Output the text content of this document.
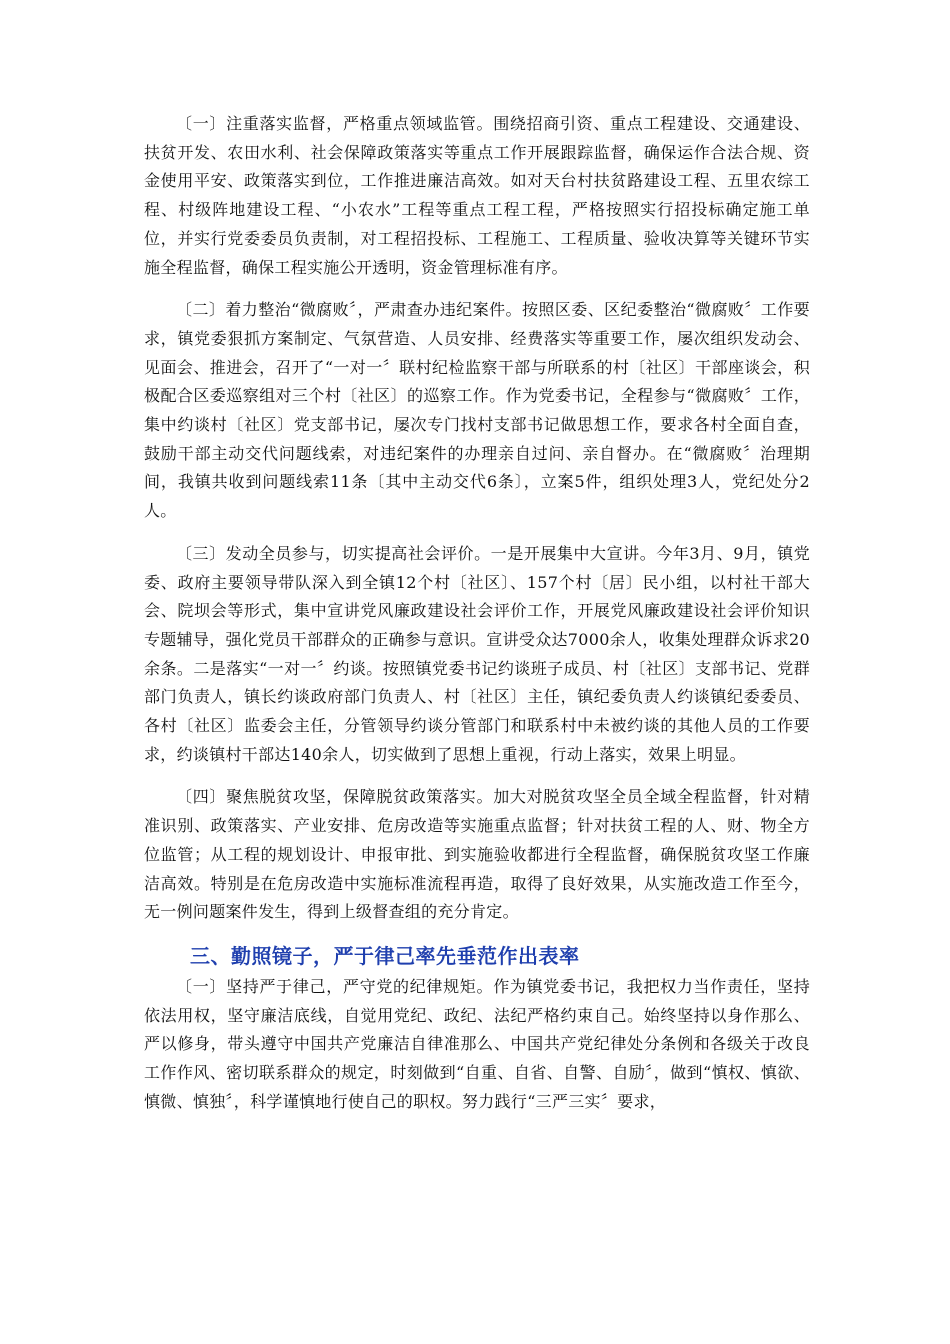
〔一〕注重落实监督，严格重点领域监管。围绕招商引资、重点工程建设、交通建设、扶贫开发、农田水利、社会保障政策落实等重点工作开展跟踪监督，确保运作合法合规、资金使用平安、政策落实到位，工作推进廉洁高效。如对天台村扶贫路建设工程、五里农综工程、村级阵地建设工程、“小农水”工程等重点工程工程，严格按照实行招投标确定施工单位，并实行党委委员负责制，对工程招投标、工程施工、工程质量、验收决算等关键环节实施全程监督，确保工程实施公开透明，资金管理标准有序。

〔二〕着力整治“微腐败〞，严肃查办违纪案件。按照区委、区纪委整治“微腐败〞工作要求，镇党委狠抓方案制定、气氛营造、人员安排、经费落实等重要工作，屡次组织发动会、见面会、推进会，召开了“一对一〞联村纪检监察干部与所联系的村〔社区〕干部座谈会，积极配合区委巡察组对三个村〔社区〕的巡察工作。作为党委书记，全程参与“微腐败〞工作，集中约谈村〔社区〕党支部书记，屡次专门找村支部书记做思想工作，要求各村全面自查，鼓励干部主动交代问题线索，对违纪案件的办理亲自过问、亲自督办。在“微腐败〞治理期间，我镇共收到问题线索11条〔其中主动交代6条〕，立案5件，组织处理3人，党纪处分2人。

〔三〕发动全员参与，切实提高社会评价。一是开展集中大宣讲。今年3月、9月，镇党委、政府主要领导带队深入到全镇12个村〔社区〕、157个村〔居〕民小组，以村社干部大会、院坝会等形式，集中宣讲党风廉政建设社会评价工作，开展党风廉政建设社会评价知识专题辅导，强化党员干部群众的正确参与意识。宣讲受众达7000余人，收集处理群众诉求20余条。二是落实“一对一〞约谈。按照镇党委书记约谈班子成员、村〔社区〕支部书记、党群部门负责人，镇长约谈政府部门负责人、村〔社区〕主任，镇纪委负责人约谈镇纪委委员、各村〔社区〕监委会主任，分管领导约谈分管部门和联系村中未被约谈的其他人员的工作要求，约谈镇村干部达140余人，切实做到了思想上重视，行动上落实，效果上明显。

〔四〕聚焦脱贫攻坚，保障脱贫政策落实。加大对脱贫攻坚全员全域全程监督，针对精准识别、政策落实、产业安排、危房改造等实施重点监督；针对扶贫工程的人、财、物全方位监管；从工程的规划设计、申报审批、到实施验收都进行全程监督，确保脱贫攻坚工作廉洁高效。特别是在危房改造中实施标准流程再造，取得了良好效果，从实施改造工作至今，无一例问题案件发生，得到上级督查组的充分肯定。

三、勤照镜子，严于律己率先垂范作出表率

〔一〕坚持严于律己，严守党的纪律规矩。作为镇党委书记，我把权力当作责任，坚持依法用权，坚守廉洁底线，自觉用党纪、政纪、法纪严格约束自己。始终坚持以身作那么、严以修身，带头遵守中国共产党廉洁自律准那么、中国共产党纪律处分条例和各级关于改良工作作风、密切联系群众的规定，时刻做到“自重、自省、自警、自励〞，做到“慎权、慎欲、慎微、慎独〞，科学谨慎地行使自己的职权。努力践行“三严三实〞要求，
